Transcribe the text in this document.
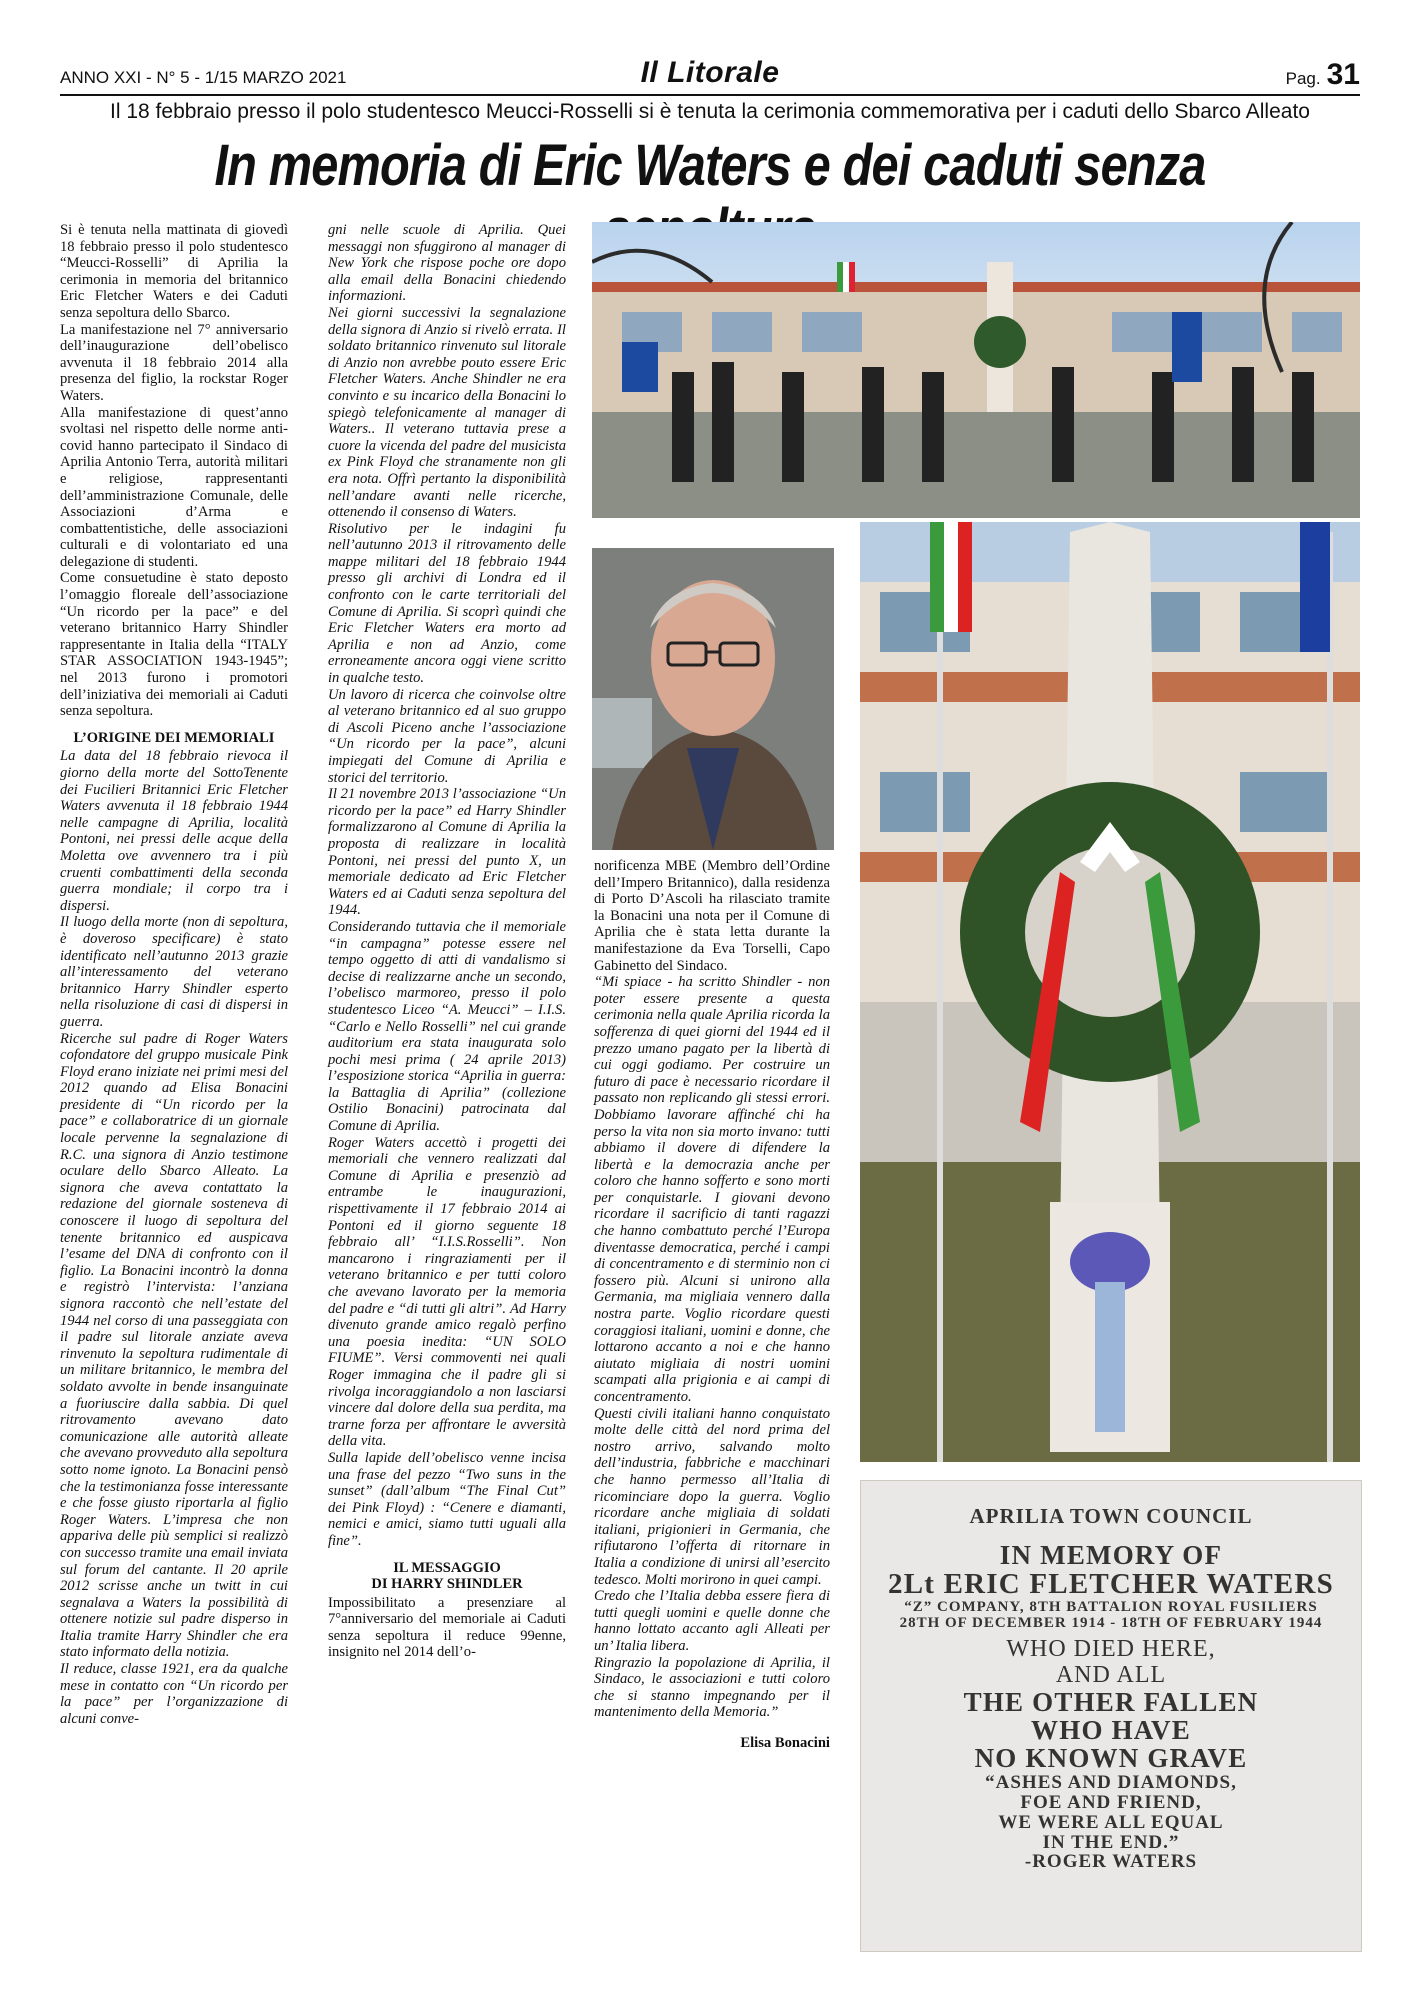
ANNO XXI - N° 5 - 1/15 MARZO 2021	Il Litorale	Pag. 31
Il 18 febbraio presso il polo studentesco Meucci-Rosselli si è tenuta la cerimonia commemorativa per i caduti dello Sbarco Alleato
In memoria di Eric Waters e dei caduti senza

Si è tenuta nella mattinata di giovedì 18 febbraio presso il polo studentesco “Meucci-Rosselli” di Aprilia la cerimonia in memoria del britannico Eric Fletcher Waters e dei Caduti senza sepoltura dello Sbarco.

La manifestazione nel 7° anniversario dell’inaugurazione dell’obelisco avvenuta il 18 febbraio 2014 alla presenza del figlio, la rockstar Roger Waters.

Alla manifestazione di quest’anno svoltasi nel rispetto delle norme anti-covid hanno partecipato il Sindaco di Aprilia Antonio Terra, autorità militari e religiose, rappresentanti dell’amministrazione Comunale, delle Associazioni d’Arma e combattentistiche, delle associazioni culturali e di volontariato ed una delegazione di studenti.

Come consuetudine è stato deposto l’omaggio floreale dell’associazione “Un ricordo per la pace” e del veterano britannico Harry Shindler rappresentante in Italia della “ITALY STAR ASSOCIATION 1943-1945”; nel 2013 furono i promotori dell’iniziativa dei memoriali ai Caduti senza sepoltura.

L’ORIGINE DEI MEMORIALI

La data del 18 febbraio rievoca il giorno della morte del SottoTenente dei Fucilieri Britannici Eric Fletcher Waters avvenuta il 18 febbraio 1944 nelle campagne di Aprilia, località Pontoni, nei pressi delle acque della Moletta ove avvennero tra i più cruenti combattimenti della seconda guerra mondiale; il corpo tra i dispersi.

Il luogo della morte (non di sepoltura, è doveroso specificare) è stato identificato nell’autunno 2013 grazie all’interessamento del veterano britannico Harry Shindler esperto nella risoluzione di casi di dispersi in guerra.

Ricerche sul padre di Roger Waters cofondatore del gruppo musicale Pink Floyd erano iniziate nei primi mesi del 2012 quando ad Elisa Bonacini presidente di “Un ricordo per la pace” e collaboratrice di un giornale locale pervenne la segnalazione di R.C. una signora di Anzio testimone oculare dello Sbarco Alleato. La signora che aveva contattato la redazione del giornale sosteneva di conoscere il luogo di sepoltura del tenente britannico ed auspicava l’esame del DNA di confronto con il figlio. La Bonacini incontrò la donna e registrò l’intervista: l’anziana signora raccontò che nell’estate del 1944 nel corso di una passeggiata con il padre sul litorale anziate aveva rinvenuto la sepoltura rudimentale di un militare britannico, le membra del soldato avvolte in bende insanguinate a fuoriuscire dalla sabbia. Di quel ritrovamento avevano dato comunicazione alle autorità alleate che avevano provveduto alla sepoltura sotto nome ignoto. La Bonacini pensò che la testimonianza fosse interessante e che fosse giusto riportarla al figlio Roger Waters. L’impresa che non appariva delle più semplici si realizzò con successo tramite una email inviata sul forum del cantante. Il 20 aprile 2012 scrisse anche un twitt in cui segnalava a Waters la possibilità di ottenere notizie sul padre disperso in Italia tramite Harry Shindler che era stato informato della notizia.

Il reduce, classe 1921, era da qualche mese in contatto con “Un ricordo per la pace” per l’organizzazione di alcuni conve-

gni nelle scuole di Aprilia. Quei messaggi non sfuggirono al manager di New York che rispose poche ore dopo alla email della Bonacini chiedendo informazioni.

Nei giorni successivi la segnalazione della signora di Anzio si rivelò errata. Il soldato britannico rinvenuto sul litorale di Anzio non avrebbe pouto essere Eric Fletcher Waters. Anche Shindler ne era convinto e su incarico della Bonacini lo spiegò telefonicamente al manager di Waters.. Il veterano tuttavia prese a cuore la vicenda del padre del musicista ex Pink Floyd che stranamente non gli era nota. Offrì pertanto la disponibilità nell’andare avanti nelle ricerche, ottenendo il consenso di Waters.

Risolutivo per le indagini fu nell’autunno 2013 il ritrovamento delle mappe militari del 18 febbraio 1944 presso gli archivi di Londra ed il confronto con le carte territoriali del Comune di Aprilia. Si scoprì quindi che Eric Fletcher Waters era morto ad Aprilia e non ad Anzio, come erroneamente ancora oggi viene scritto in qualche testo.

Un lavoro di ricerca che coinvolse oltre al veterano britannico ed al suo gruppo di Ascoli Piceno anche l’associazione “Un ricordo per la pace”, alcuni impiegati del Comune di Aprilia e storici del territorio.

Il 21 novembre 2013 l’associazione “Un ricordo per la pace” ed Harry Shindler formalizzarono al Comune di Aprilia la proposta di realizzare in località Pontoni, nei pressi del punto X, un memoriale dedicato ad Eric Fletcher Waters ed ai Caduti senza sepoltura del 1944.

Considerando tuttavia che il memoriale “in campagna” potesse essere nel tempo oggetto di atti di vandalismo si decise di realizzarne anche un secondo, l’obelisco marmoreo, presso il polo studentesco Liceo “A. Meucci” – I.I.S. “Carlo e Nello Rosselli” nel cui grande auditorium era stata inaugurata solo pochi mesi prima ( 24 aprile 2013) l’esposizione storica “Aprilia in guerra: la Battaglia di Aprilia” (collezione Ostilio Bonacini) patrocinata dal Comune di Aprilia.

Roger Waters accettò i progetti dei memoriali che vennero realizzati dal Comune di Aprilia e presenziò ad entrambe le inaugurazioni, rispettivamente il 17 febbraio 2014 ai Pontoni ed il giorno seguente 18 febbraio all’ “I.I.S.Rosselli”. Non mancarono i ringraziamenti per il veterano britannico e per tutti coloro che avevano lavorato per la memoria del padre e “di tutti gli altri”. Ad Harry divenuto grande amico regalò perfino una poesia inedita: “UN SOLO FIUME”. Versi commoventi nei quali Roger immagina che il padre gli si rivolga incoraggiandolo a non lasciarsi vincere dal dolore della sua perdita, ma trarne forza per affrontare le avversità della vita.

Sulla lapide dell’obelisco venne incisa una frase del pezzo “Two suns in the sunset” (dall’album “The Final Cut” dei Pink Floyd) : “Cenere e diamanti, nemici e amici, siamo tutti uguali alla fine”.

IL MESSAGGIO
DI HARRY SHINDLER

Impossibilitato a presenziare al 7°anniversario del memoriale ai Caduti senza sepoltura il reduce 99enne, insignito nel 2014 dell’o-

norificenza MBE (Membro dell’Ordine dell’Impero Britannico), dalla residenza di Porto D’Ascoli ha rilasciato tramite la Bonacini una nota per il Comune di Aprilia che è stata letta durante la manifestazione da Eva Torselli, Capo Gabinetto del Sindaco.

“Mi spiace - ha scritto Shindler - non poter essere presente a questa cerimonia nella quale Aprilia ricorda la sofferenza di quei giorni del 1944 ed il prezzo umano pagato per la libertà di cui oggi godiamo. Per costruire un futuro di pace è necessario ricordare il passato non replicando gli stessi errori. Dobbiamo lavorare affinché chi ha perso la vita non sia morto invano: tutti abbiamo il dovere di difendere la libertà e la democrazia anche per coloro che hanno sofferto e sono morti per conquistarle. I giovani devono ricordare il sacrificio di tanti ragazzi che hanno combattuto perché l’Europa diventasse democratica, perché i campi di concentramento e di sterminio non ci fossero più. Alcuni si unirono alla Germania, ma migliaia vennero dalla nostra parte. Voglio ricordare questi coraggiosi italiani, uomini e donne, che lottarono accanto a noi e che hanno aiutato migliaia di nostri uomini scampati alla prigionia e ai campi di concentramento.

Questi civili italiani hanno conquistato molte delle città del nord prima del nostro arrivo, salvando molto dell’industria, fabbriche e macchinari che hanno permesso all’Italia di ricominciare dopo la guerra. Voglio ricordare anche migliaia di soldati italiani, prigionieri in Germania, che rifiutarono l’offerta di ritornare in Italia a condizione di unirsi all’esercito tedesco. Molti morirono in quei campi.

Credo che l’Italia debba essere fiera di tutti quegli uomini e quelle donne che hanno lottato accanto agli Alleati per un’ Italia libera.

Ringrazio la popolazione di Aprilia, il Sindaco, le associazioni e tutti coloro che si stanno impegnando per il mantenimento della Memoria.”

Elisa Bonacini
APRILIA TOWN COUNCIL
IN MEMORY OF
2Lt ERIC FLETCHER WATERS
“Z” COMPANY, 8TH BATTALION ROYAL FUSILIERS
28TH OF DECEMBER 1914 - 18TH OF FEBRUARY 1944
WHO DIED HERE,
AND ALL
THE OTHER FALLEN
WHO HAVE
NO KNOWN GRAVE
“ASHES AND DIAMONDS,
FOE AND FRIEND,
WE WERE ALL EQUAL
IN THE END.”
-ROGER WATERS
